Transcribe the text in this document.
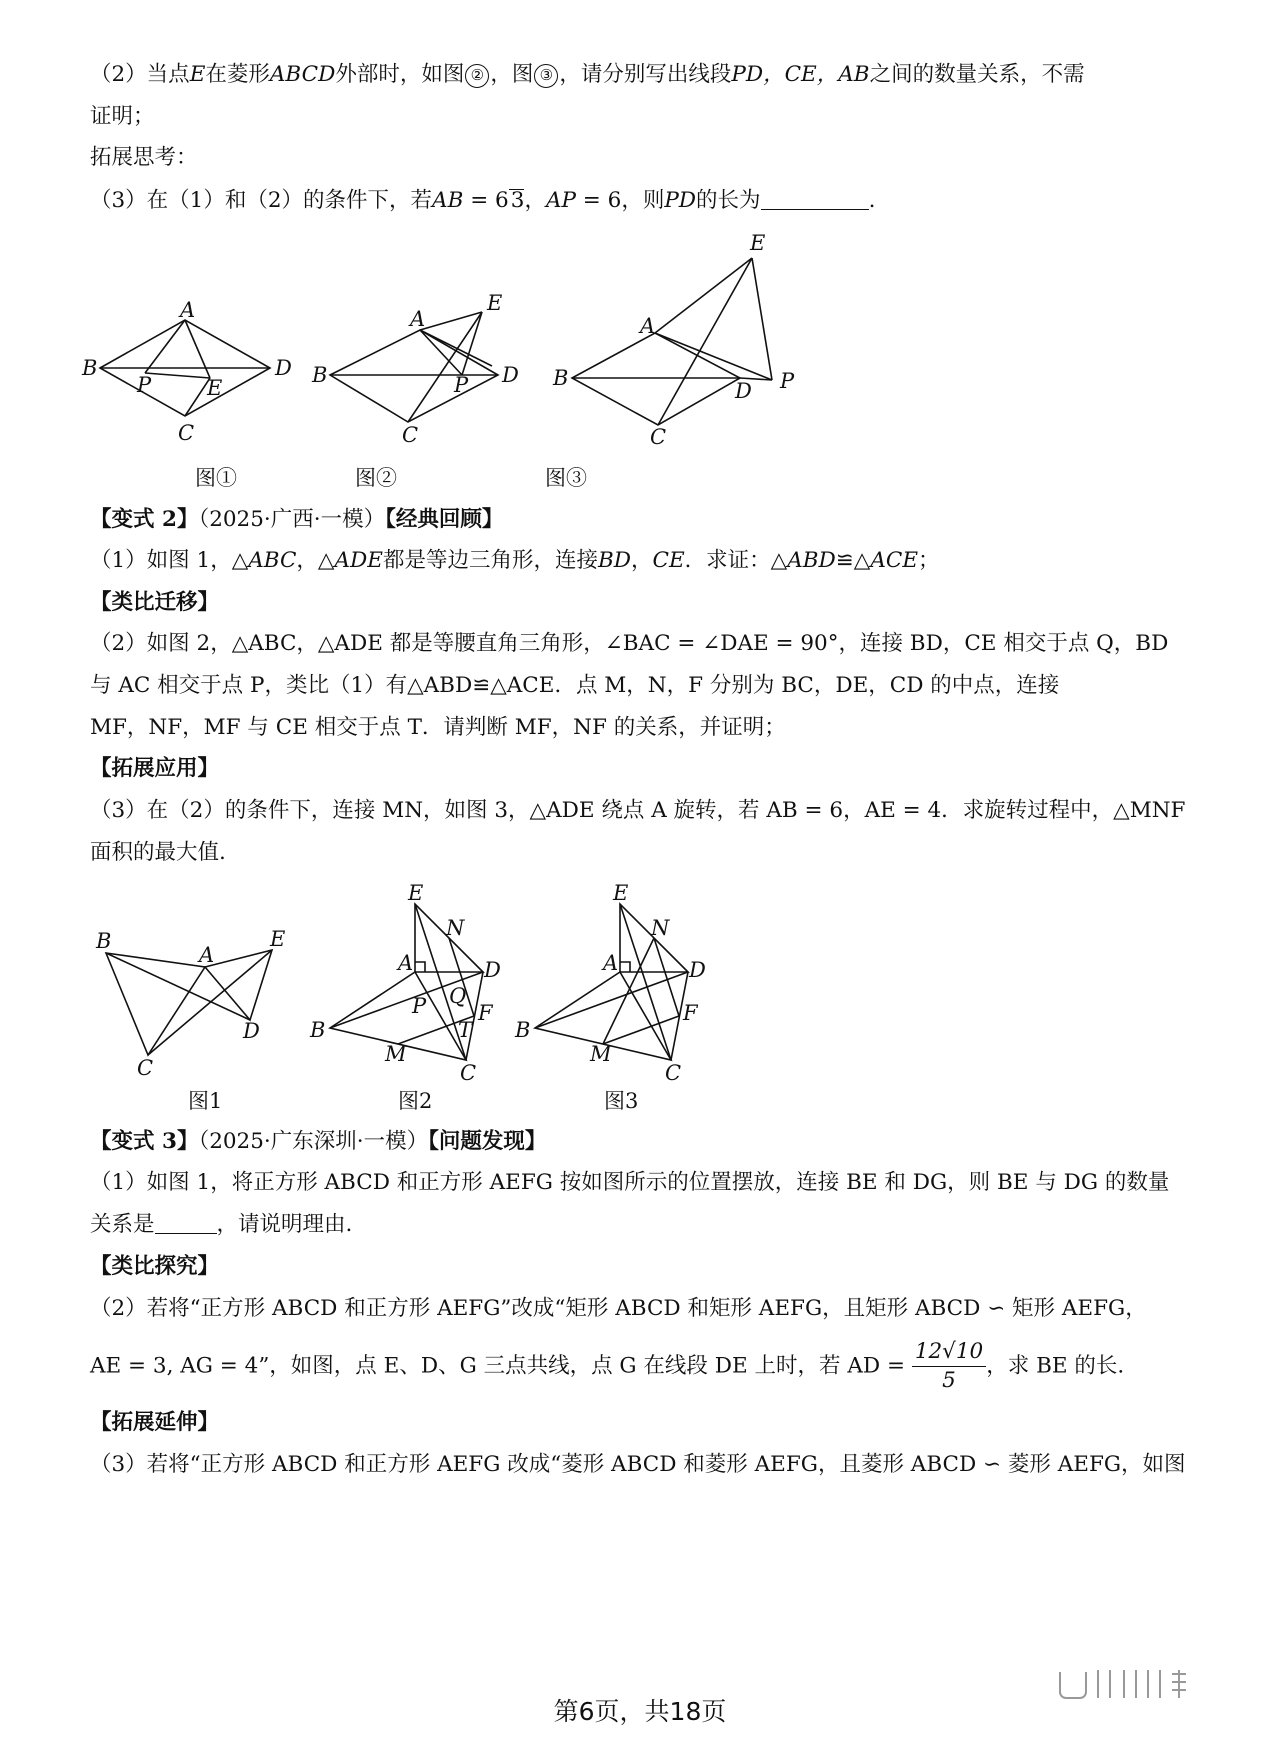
（2）当点E在菱形ABCD外部时，如图 ② ，图 ③ ，请分别写出线段PD，CE，AB之间的数量关系，不需
证明；
拓展思考：
（3）在（1）和（2）的条件下，若AB = 63，AP = 6，则PD的长为	.
A
B	D
C
P	E
A
B	D
C
E
P
A
B
D P
C
E
图①	图②	图③
【变式 2】（2025·广西·一模）【经典回顾】
（1）如图 1，△ABC，△ADE都是等边三角形，连接BD，CE．求证：△ABD≌△ACE；
【类比迁移】
（2）如图 2，△ABC，△ADE 都是等腰直角三角形，∠BAC = ∠DAE = 90°，连接 BD，CE 相交于点 Q，BD
与 AC 相交于点 P，类比（1）有△ABD≌△ACE．点 M，N，F 分别为 BC，DE，CD 的中点，连接
MF，NF，MF 与 CE 相交于点 T．请判断 MF，NF 的关系，并证明；
【拓展应用】
（3）在（2）的条件下，连接 MN，如图 3，△ADE 绕点 A 旋转，若 AB = 6，AE = 4．求旋转过程中，△MNF
面积的最大值.
B
A
E
D
C
E
N
A	D
P Q
F
T
B
M
C
E
N
A	D
F
B
M
C
图1	图2	图3
【变式 3】（2025·广东深圳·一模）【问题发现】
（1）如图 1，将正方形 ABCD 和正方形 AEFG 按如图所示的位置摆放，连接 BE 和 DG，则 BE 与 DG 的数量
关系是	，请说明理由.
【类比探究】
（2）若将“正方形 ABCD 和正方形 AEFG”改成“矩形 ABCD 和矩形 AEFG，且矩形 ABCD ∽ 矩形 AEFG，
AE = 3, AG = 4”，如图，点 E、D、G 三点共线，点 G 在线段 DE 上时，若 AD = $\frac{12√10}{5}$ ，求 BE 的长.
【拓展延伸】
（3）若将“正方形 ABCD 和正方形 AEFG 改成“菱形 ABCD 和菱形 AEFG，且菱形 ABCD ∽ 菱形 AEFG，如图
第6页，共18页
